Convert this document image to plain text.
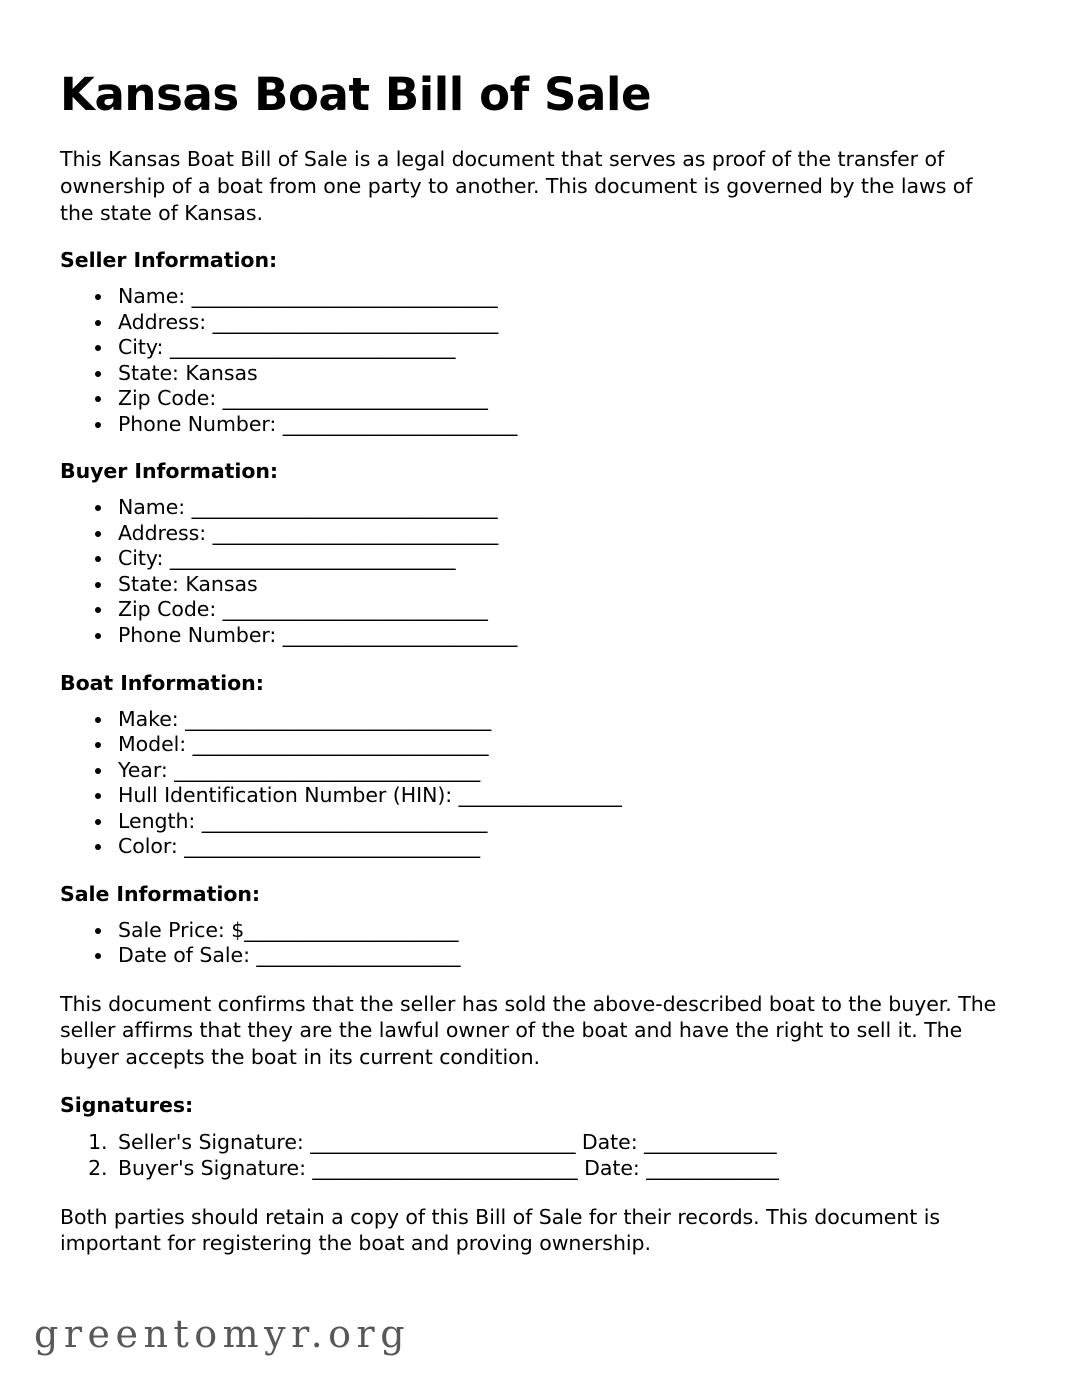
Kansas Boat Bill of Sale

This Kansas Boat Bill of Sale is a legal document that serves as proof of the transfer of ownership of a boat from one party to another. This document is governed by the laws of the state of Kansas.

Seller Information:
• Name: ______________________________
• Address: ____________________________
• City: ____________________________
• State: Kansas
• Zip Code: __________________________
• Phone Number: _______________________
Buyer Information:
• Name: ______________________________
• Address: ____________________________
• City: ____________________________
• State: Kansas
• Zip Code: __________________________
• Phone Number: _______________________
Boat Information:
• Make: ______________________________
• Model: _____________________________
• Year: ______________________________
• Hull Identification Number (HIN): ________________
• Length: ____________________________
• Color: _____________________________
Sale Information:
• Sale Price: $_____________________
• Date of Sale: ____________________

This document confirms that the seller has sold the above-described boat to the buyer. The seller affirms that they are the lawful owner of the boat and have the right to sell it. The buyer accepts the boat in its current condition.

Signatures:
1. Seller's Signature: __________________________ Date: _____________
2. Buyer's Signature: __________________________ Date: _____________

Both parties should retain a copy of this Bill of Sale for their records. This document is important for registering the boat and proving ownership.

greentomyr.org
